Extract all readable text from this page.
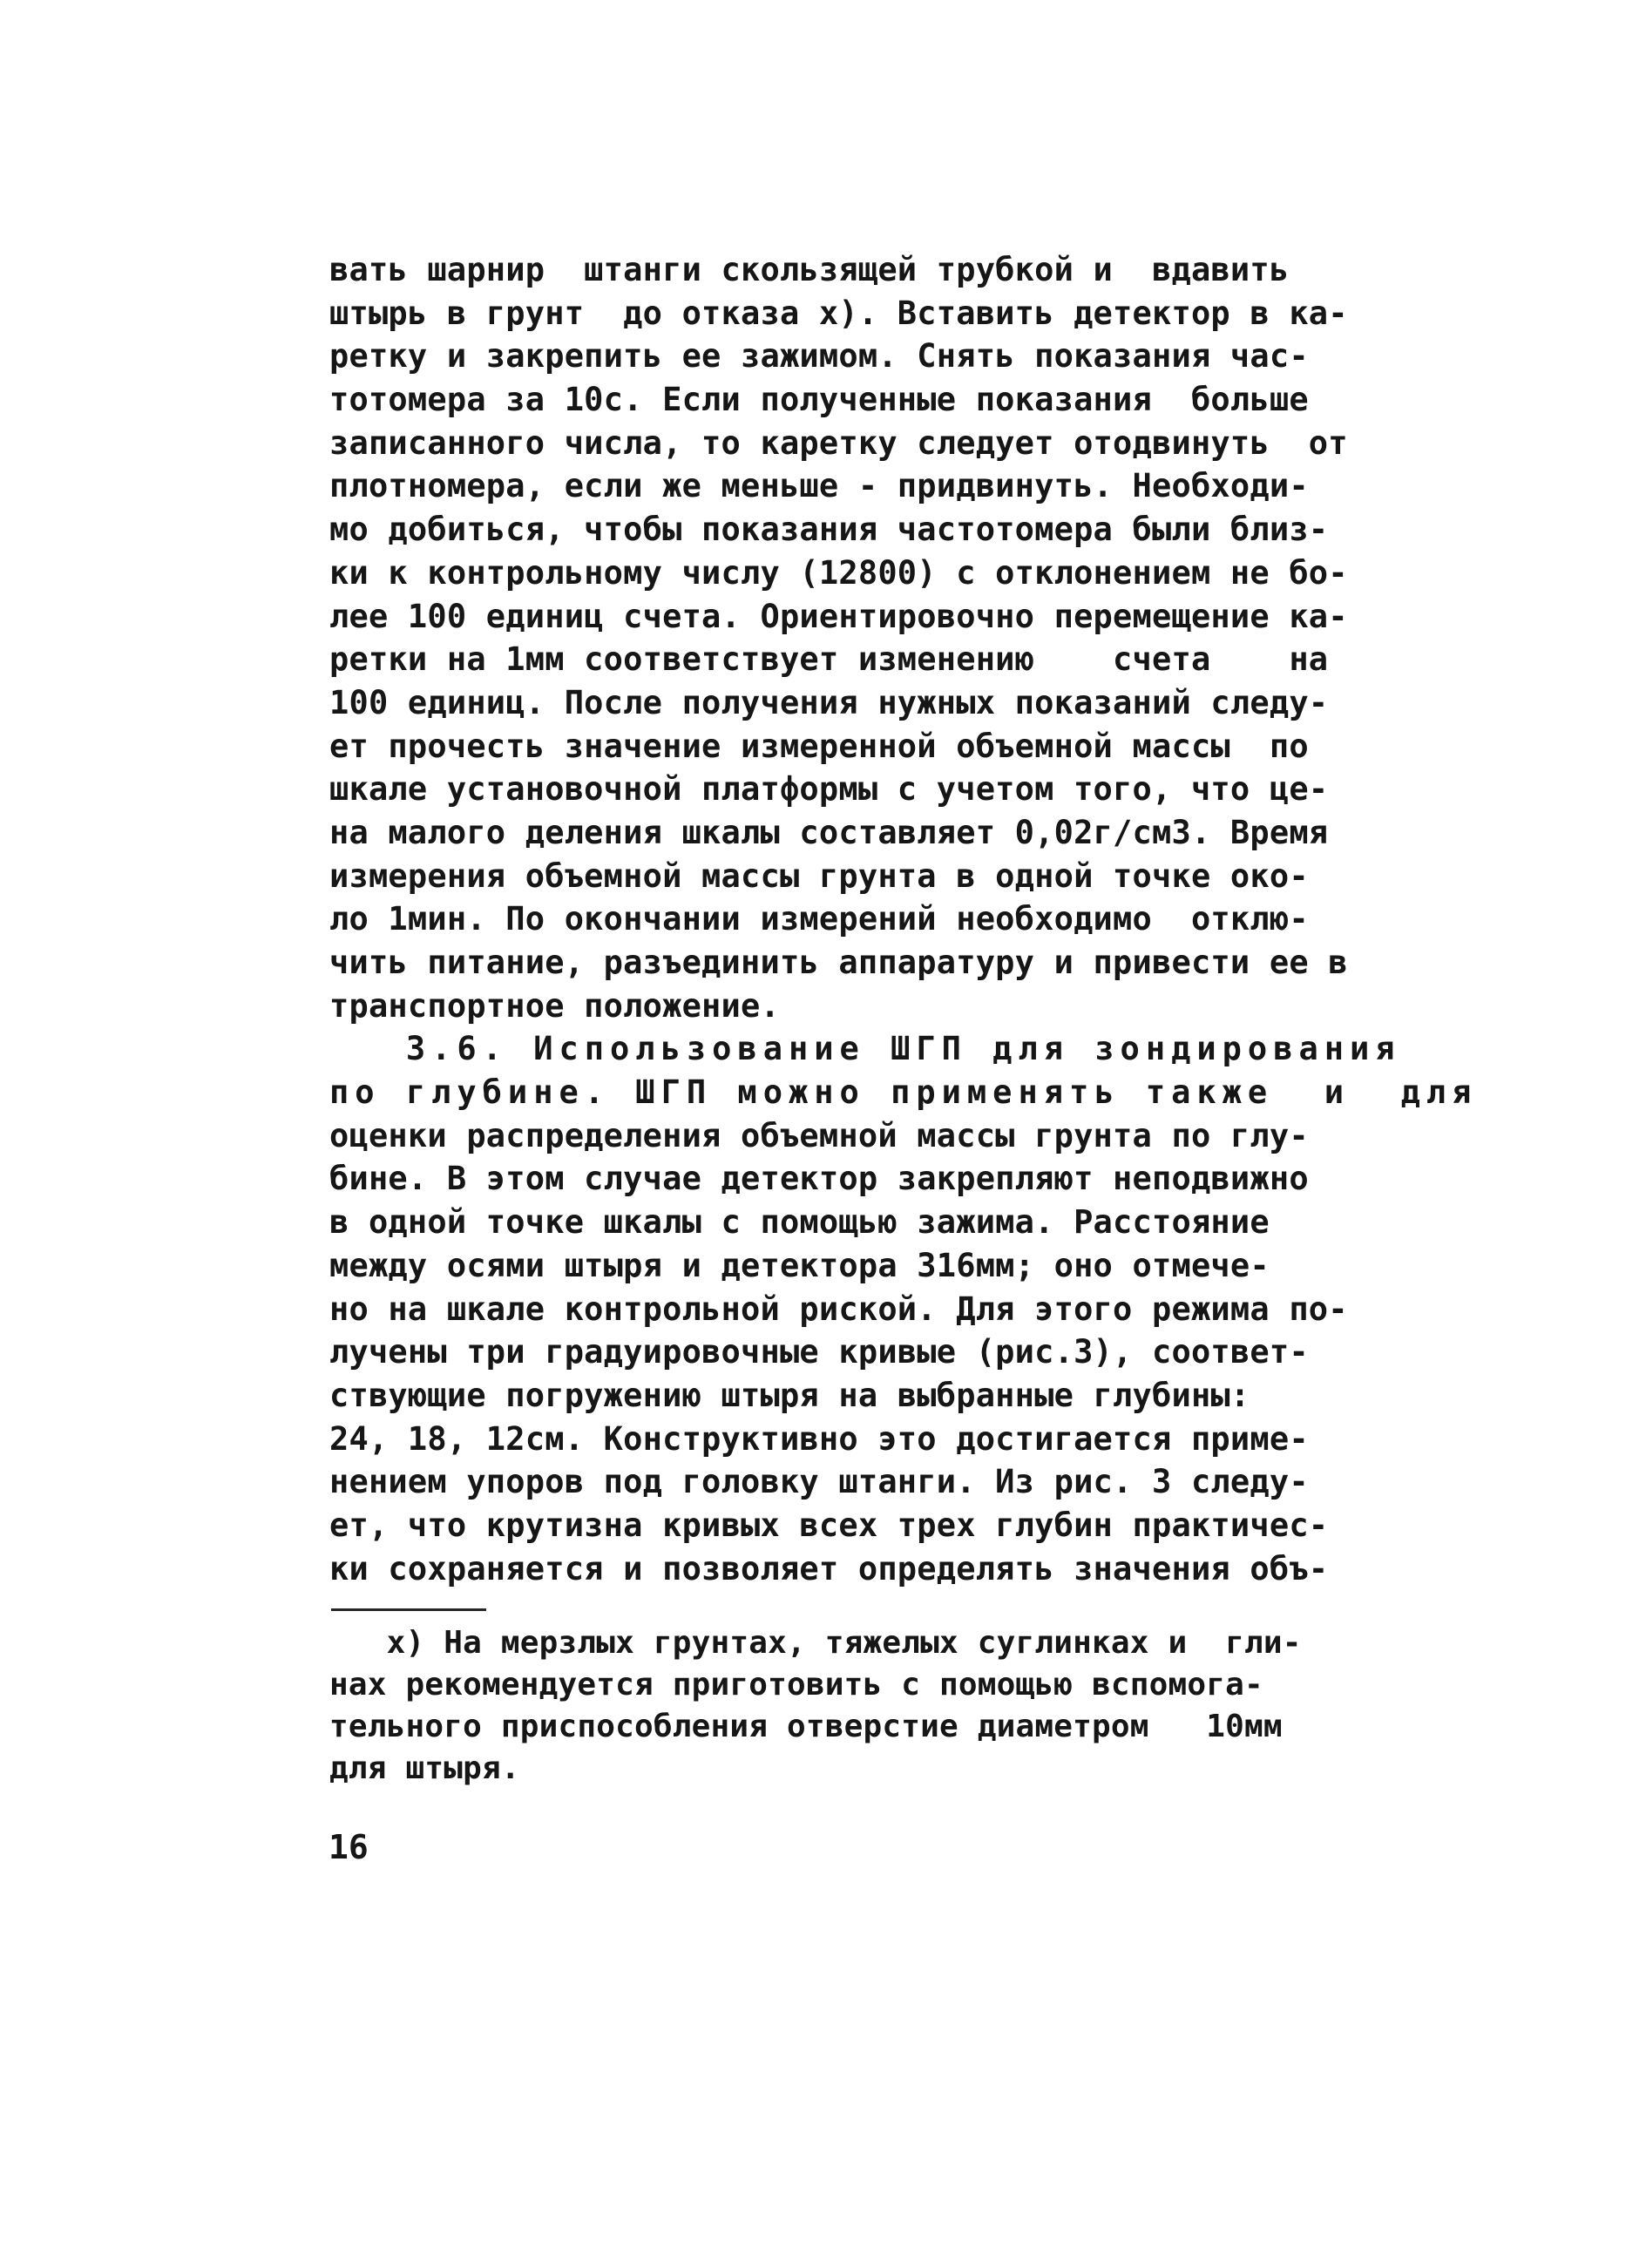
вать шарнир  штанги скользящей трубкой и  вдавить
штырь в грунт  до отказа х). Вставить детектор в ка-
ретку и закрепить ее зажимом. Снять показания час-
тотомера за 10с. Если полученные показания  больше
записанного числа, то каретку следует отодвинуть  от
плотномера, если же меньше - придвинуть. Необходи-
мо добиться, чтобы показания частотомера были близ-
ки к контрольному числу (12800) с отклонением не бо-
лее 100 единиц счета. Ориентировочно перемещение ка-
ретки на 1мм соответствует изменению    счета    на
100 единиц. После получения нужных показаний следу-
ет прочесть значение измеренной объемной массы  по
шкале установочной платформы с учетом того, что це-
на малого деления шкалы составляет 0,02г/см3. Время
измерения объемной массы грунта в одной точке око-
ло 1мин. По окончании измерений необходимо  отклю-
чить питание, разъединить аппаратуру и привести ее в
транспортное положение.
3.6. Использование ШГП для зондирования
по глубине. ШГП можно применять также  и  для
оценки распределения объемной массы грунта по глу-
бине. В этом случае детектор закрепляют неподвижно
в одной точке шкалы с помощью зажима. Расстояние
между осями штыря и детектора 316мм; оно отмече-
но на шкале контрольной риской. Для этого режима по-
лучены три градуировочные кривые (рис.3), соответ-
ствующие погружению штыря на выбранные глубины:
24, 18, 12см. Конструктивно это достигается приме-
нением упоров под головку штанги. Из рис. 3 следу-
ет, что крутизна кривых всех трех глубин практичес-
ки сохраняется и позволяет определять значения объ-
х) На мерзлых грунтах, тяжелых суглинках и  гли-
нах рекомендуется приготовить с помощью вспомога-
тельного приспособления отверстие диаметром   10мм
для штыря.
16
